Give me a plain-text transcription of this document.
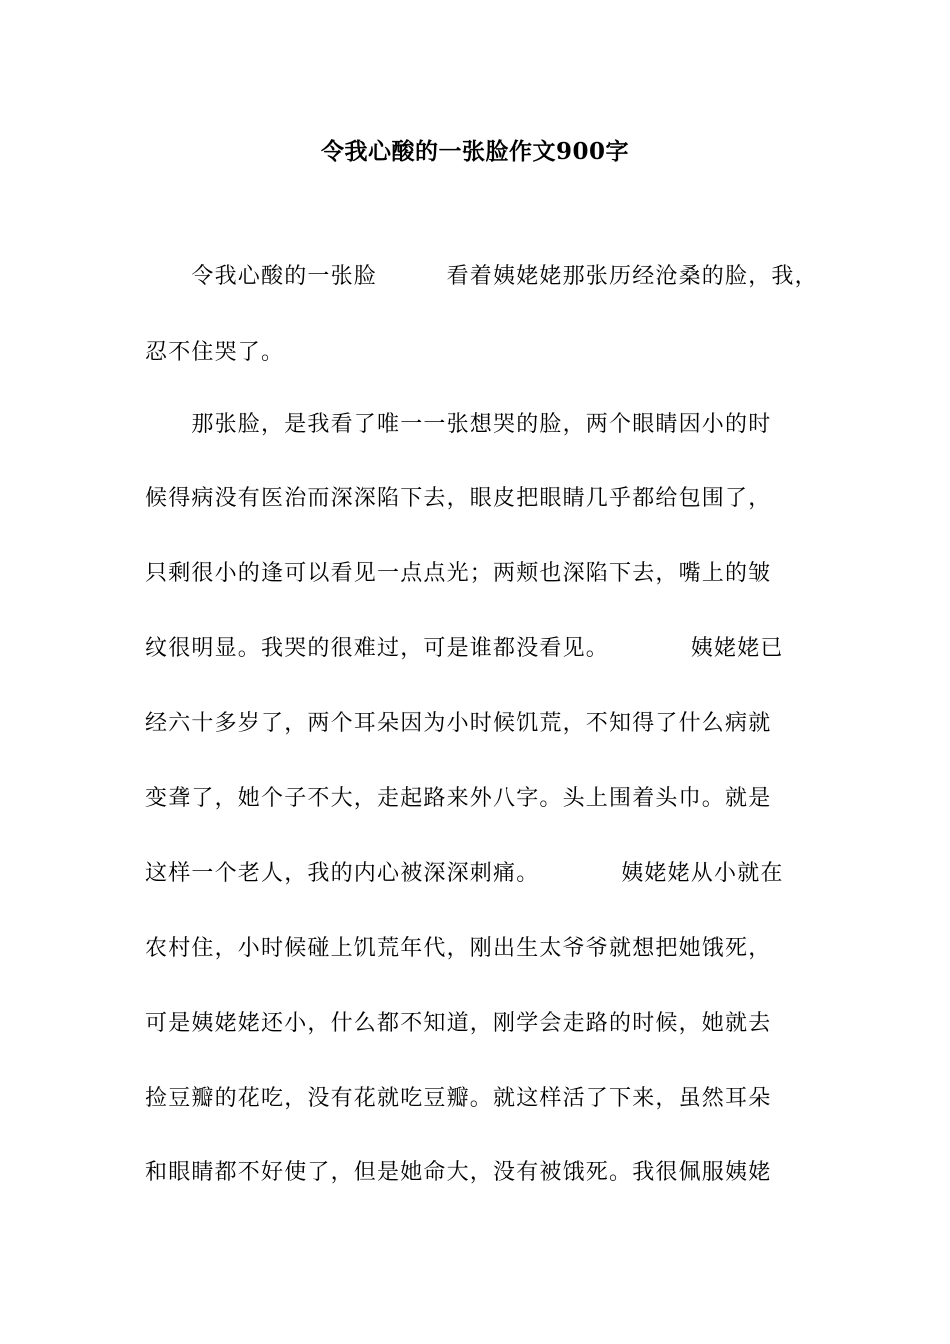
令我心酸的一张脸作文900字
　　令我心酸的一张脸　　　看着姨姥姥那张历经沧桑的脸，我，
忍不住哭了。
　　那张脸，是我看了唯一一张想哭的脸，两个眼睛因小的时
候得病没有医治而深深陷下去，眼皮把眼睛几乎都给包围了，
只剩很小的逢可以看见一点点光；两颊也深陷下去，嘴上的皱
纹很明显。我哭的很难过，可是谁都没看见。　　　　姨姥姥已
经六十多岁了，两个耳朵因为小时候饥荒，不知得了什么病就
变聋了，她个子不大，走起路来外八字。头上围着头巾。就是
这样一个老人，我的内心被深深刺痛。　　　　姨姥姥从小就在
农村住，小时候碰上饥荒年代，刚出生太爷爷就想把她饿死，
可是姨姥姥还小，什么都不知道，刚学会走路的时候，她就去
捡豆瓣的花吃，没有花就吃豆瓣。就这样活了下来，虽然耳朵
和眼睛都不好使了，但是她命大，没有被饿死。我很佩服姨姥
